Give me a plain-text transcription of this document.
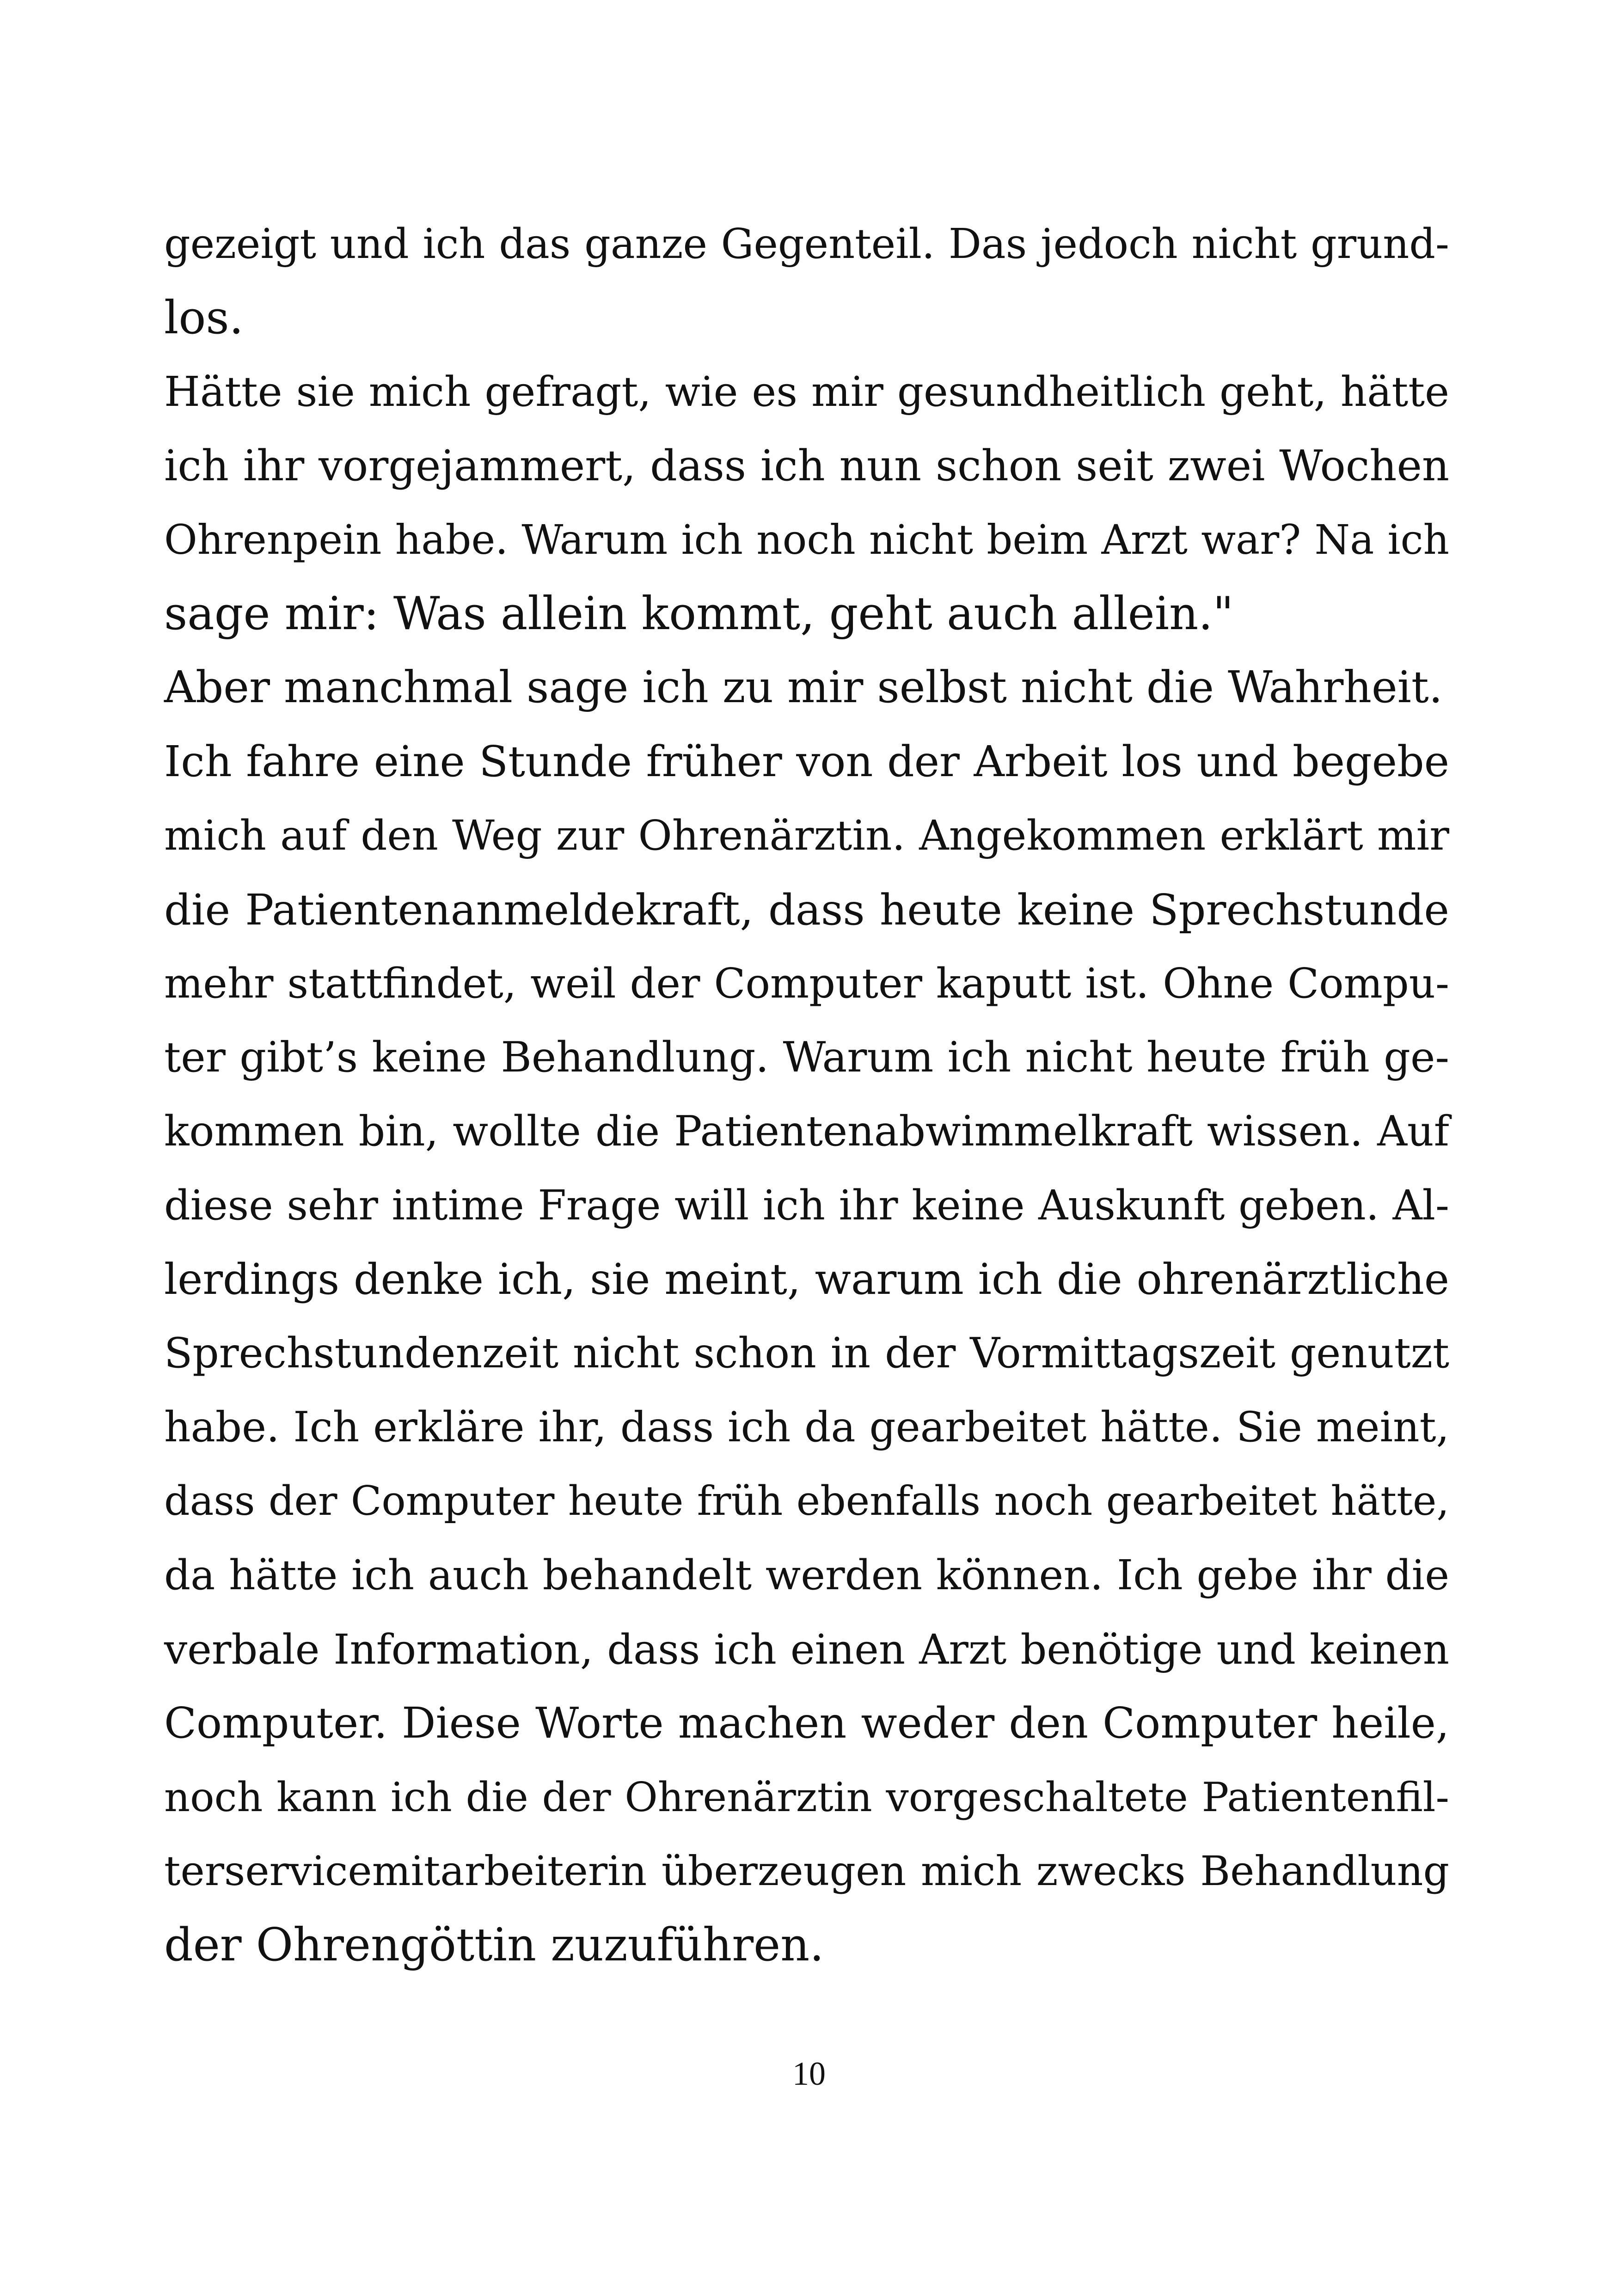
gezeigt und ich das ganze Gegenteil. Das jedoch nicht grund-
los.
Hätte sie mich gefragt, wie es mir gesundheitlich geht, hätte
ich ihr vorgejammert, dass ich nun schon seit zwei Wochen
Ohrenpein habe. Warum ich noch nicht beim Arzt war? Na ich
sage mir: Was allein kommt, geht auch allein."
Aber manchmal sage ich zu mir selbst nicht die Wahrheit.
Ich fahre eine Stunde früher von der Arbeit los und begebe
mich auf den Weg zur Ohrenärztin. Angekommen erklärt mir
die Patientenanmeldekraft, dass heute keine Sprechstunde
mehr stattfindet, weil der Computer kaputt ist. Ohne Compu-
ter gibt’s keine Behandlung. Warum ich nicht heute früh ge-
kommen bin, wollte die Patientenabwimmelkraft wissen. Auf
diese sehr intime Frage will ich ihr keine Auskunft geben. Al-
lerdings denke ich, sie meint, warum ich die ohrenärztliche
Sprechstundenzeit nicht schon in der Vormittagszeit genutzt
habe. Ich erkläre ihr, dass ich da gearbeitet hätte. Sie meint,
dass der Computer heute früh ebenfalls noch gearbeitet hätte,
da hätte ich auch behandelt werden können. Ich gebe ihr die
verbale Information, dass ich einen Arzt benötige und keinen
Computer. Diese Worte machen weder den Computer heile,
noch kann ich die der Ohrenärztin vorgeschaltete Patientenfil-
terservicemitarbeiterin überzeugen mich zwecks Behandlung
der Ohrengöttin zuzuführen.
10
